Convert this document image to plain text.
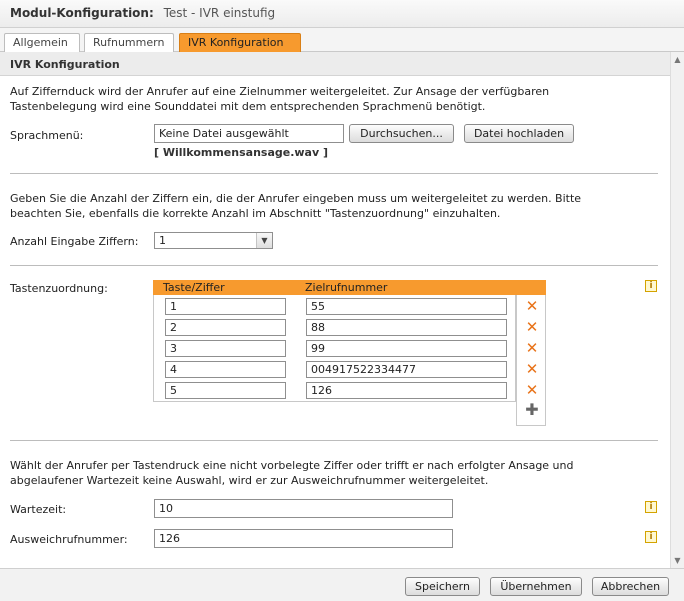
Modul-Konfiguration: Test - IVR einstufig
Allgemein	Rufnummern	IVR Konfiguration
IVR Konfiguration	▲
▼
Auf Ziffernduck wird der Anrufer auf eine Zielnummer weitergeleitet. Zur Ansage der verfügbaren
Tastenbelegung wird eine Sounddatei mit dem entsprechenden Sprachmenü benötigt.
Sprachmenü:	Keine Datei ausgewählt	Durchsuchen...	Datei hochladen
[ Willkommensansage.wav ]
Geben Sie die Anzahl der Ziffern ein, die der Anrufer eingeben muss um weitergeleitet zu werden. Bitte
beachten Sie, ebenfalls die korrekte Anzahl im Abschnitt "Tastenzuordnung" einzuhalten.
Anzahl Eingabe Ziffern:	1	▼
Tastenzuordnung:	i
Taste/Ziffer	Zielrufnummer
1	55
2	88
3	99
4	004917522334477
5	126
✕
✕
✕
✕
✕
✚
Wählt der Anrufer per Tastendruck eine nicht vorbelegte Ziffer oder trifft er nach erfolgter Ansage und
abgelaufener Wartezeit keine Auswahl, wird er zur Ausweichrufnummer weitergeleitet.
Wartezeit:	10	i
Ausweichrufnummer:	126	i
Speichern	Übernehmen	Abbrechen
